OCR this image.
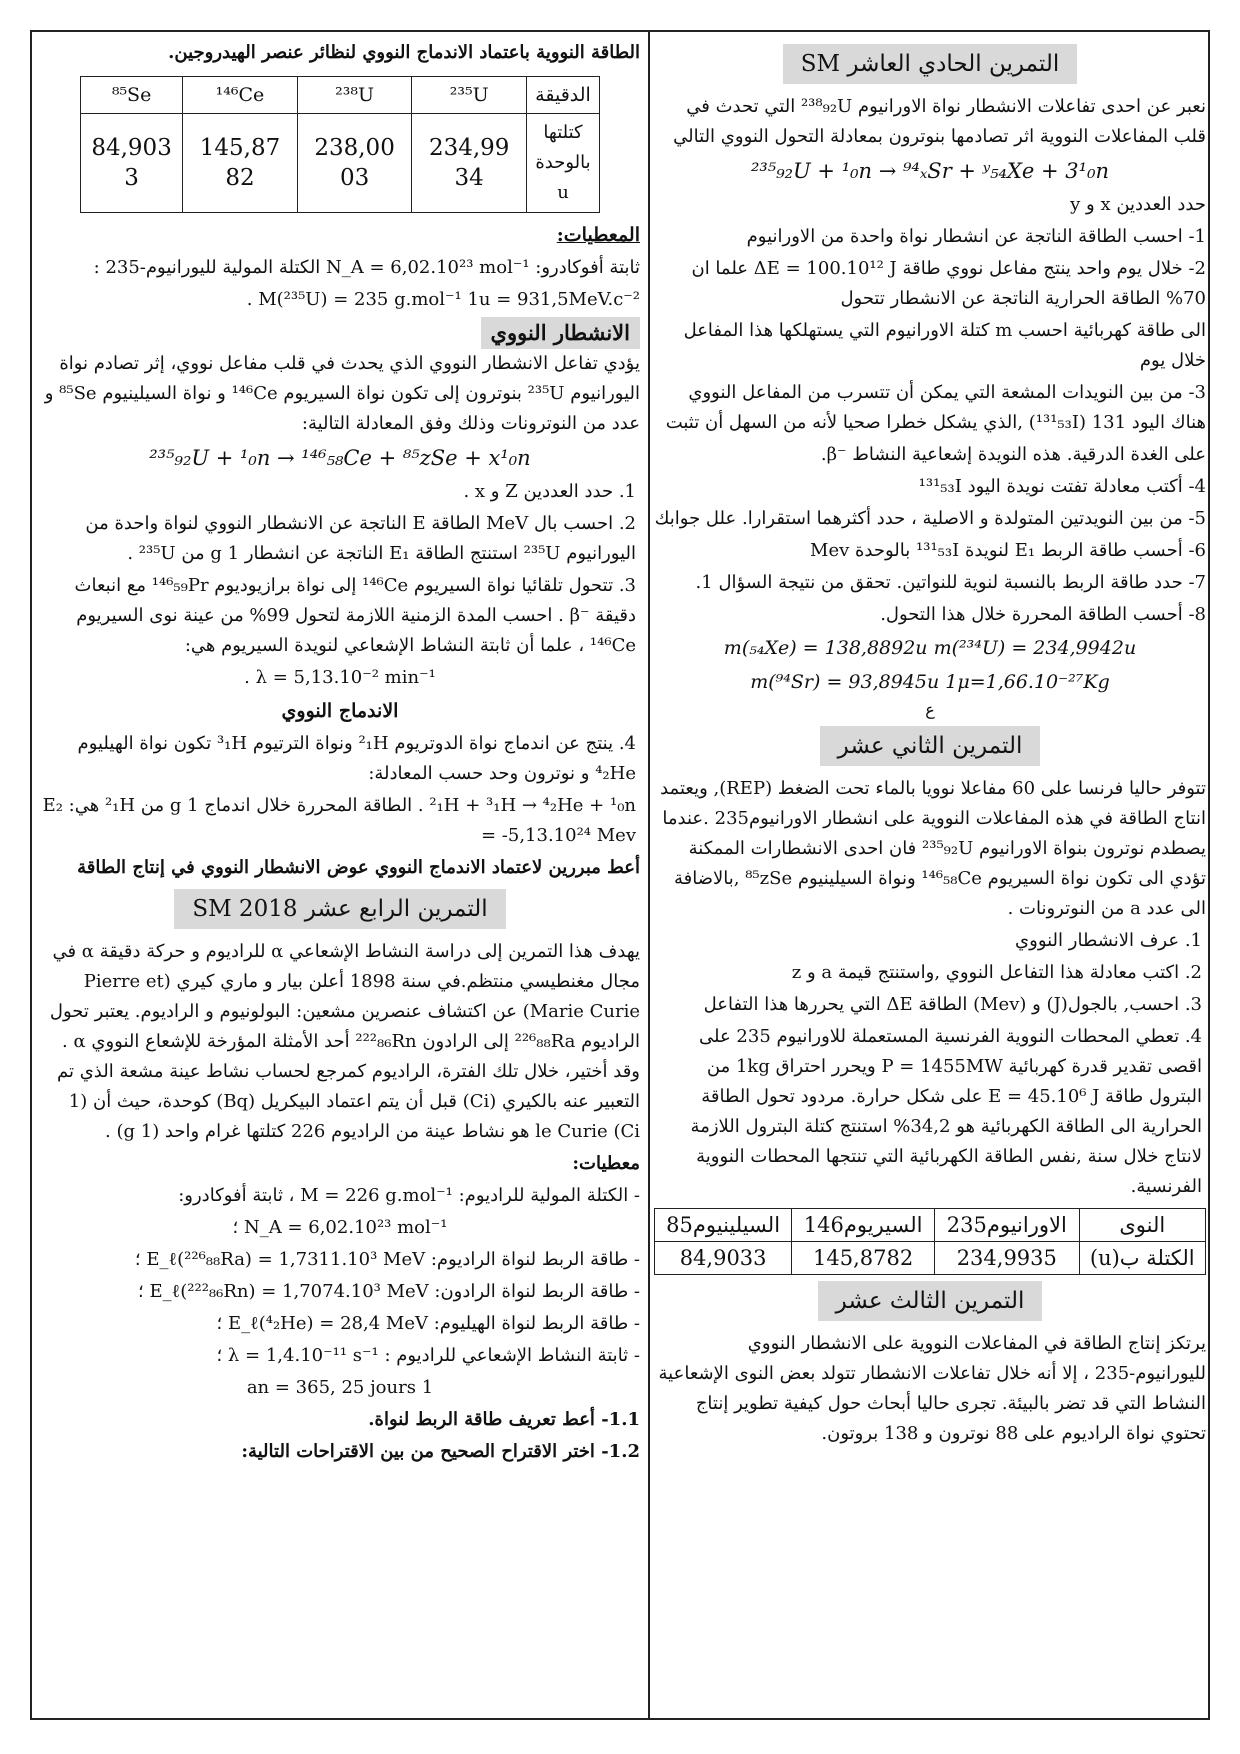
التمرين الحادي العاشر SM

نعبر عن احدى تفاعلات الانشطار نواة الاورانيوم ²³⁸₉₂U التي تحدث في قلب المفاعلات النووية اثر تصادمها بنوترون بمعادلة التحول النووي التالي

²³⁵₉₂U + ¹₀n → ⁹⁴ₓSr + ʸ₅₄Xe + 3¹₀n

حدد العددين x و y

1- احسب الطاقة الناتجة عن انشطار نواة واحدة من الاورانيوم

2- خلال يوم واحد ينتج مفاعل نووي طاقة ΔE = 100.10¹² J علما ان 70% الطاقة الحرارية الناتجة عن الانشطار تتحول

الى طاقة كهربائية احسب m كتلة الاورانيوم التي يستهلكها هذا المفاعل خلال يوم

3- من بين النويدات المشعة التي يمكن أن تتسرب من المفاعل النووي هناك اليود 131 (¹³¹₅₃I) ,الذي يشكل خطرا صحيا لأنه من السهل أن تثبت

على الغدة الدرقية. هذه النويدة إشعاعية النشاط ⁻β.

4- أكتب معادلة تفتت نويدة اليود ¹³¹₅₃I

5- من بين النويدتين المتولدة و الاصلية ، حدد أكثرهما استقرارا. علل جوابك

6- أحسب طاقة الربط E₁ لنويدة ¹³¹₅₃I بالوحدة Mev

7- حدد طاقة الربط بالنسبة لنوية للنواتين. تحقق من نتيجة السؤال 1.

8- أحسب الطاقة المحررة خلال هذا التحول.

m(₅₄Xe) = 138,8892u m(²³⁴U) = 234,9942u

m(⁹⁴Sr) = 93,8945u 1μ=1,66.10⁻²⁷Kg

ع

التمرين الثاني عشر

تتوفر حاليا فرنسا على 60 مفاعلا نوويا بالماء تحت الضغط (REP), ويعتمد انتاج الطاقة في هذه المفاعلات النووية على انشطار الاورانيوم235 .عندما يصطدم نوترون بنواة الاورانيوم ²³⁵₉₂U فان احدى الانشطارات الممكنة تؤدي الى تكون نواة السيريوم ¹⁴⁶₅₈Ce ونواة السيلينيوم ⁸⁵zSe ,بالاضافة الى عدد a من النوترونات .

1. عرف الانشطار النووي

2. اكتب معادلة هذا التفاعل النووي ,واستنتج قيمة a و z

3. احسب, بالجول(J) و (Mev) الطاقة ΔE التي يحررها هذا التفاعل

4. تعطي المحطات النووية الفرنسية المستعملة للاورانيوم 235 على اقصى تقدير قدرة كهربائية P = 1455MW ويحرر احتراق 1kg من البترول طاقة E = 45.10⁶ J على شكل حرارة. مردود تحول الطاقة الحرارية الى الطاقة الكهربائية هو 34,2% استنتج كتلة البترول اللازمة لانتاج خلال سنة ,نفس الطاقة الكهربائية التي تنتجها المحطات النووية الفرنسية.

النوى	الاورانيوم235	السيريوم146	السيلينيوم85
الكتلة ب(u)	234,9935	145,8782	84,9033
التمرين الثالث عشر

يرتكز إنتاج الطاقة في المفاعلات النووية على الانشطار النووي لليورانيوم-235 ، إلا أنه خلال تفاعلات الانشطار تتولد بعض النوى الإشعاعية النشاط التي قد تضر بالبيئة. تجرى حاليا أبحاث حول كيفية تطوير إنتاج تحتوي نواة الراديوم على 88 نوترون و 138 بروتون.

الطاقة النووية باعتماد الاندماج النووي لنظائر عنصر الهيدروجين.

الدقيقة	²³⁵U	²³⁸U	¹⁴⁶Ce	⁸⁵Se
كتلتها بالوحدة u	234,99 34	238,00 03	145,87 82	84,903 3

المعطيات:

ثابتة أفوكادرو: N_A = 6,02.10²³ mol⁻¹ الكتلة المولية لليورانيوم-235 :

M(²³⁵U) = 235 g.mol⁻¹ 1u = 931,5MeV.c⁻² .

الانشطار النووي

يؤدي تفاعل الانشطار النووي الذي يحدث في قلب مفاعل نووي، إثر تصادم نواة اليورانيوم ²³⁵U بنوترون إلى تكون نواة السيريوم ¹⁴⁶Ce و نواة السيلينيوم ⁸⁵Se و عدد من النوترونات وذلك وفق المعادلة التالية:

²³⁵₉₂U + ¹₀n → ¹⁴⁶₅₈Ce + ⁸⁵zSe + x¹₀n

1. حدد العددين Z و x .

2. احسب بال MeV الطاقة E الناتجة عن الانشطار النووي لنواة واحدة من اليورانيوم ²³⁵U استنتج الطاقة E₁ الناتجة عن انشطار 1 g من ²³⁵U .

3. تتحول تلقائيا نواة السيريوم ¹⁴⁶Ce إلى نواة برازيوديوم ¹⁴⁶₅₉Pr مع انبعاث دقيقة ⁻β . احسب المدة الزمنية اللازمة لتحول 99% من عينة نوى السيريوم ¹⁴⁶Ce ، علما أن ثابتة النشاط الإشعاعي لنويدة السيريوم هي:

λ = 5,13.10⁻² min⁻¹ .

الاندماج النووي

4. ينتج عن اندماج نواة الدوتريوم ²₁H ونواة الترتيوم ³₁H تكون نواة الهيليوم ⁴₂He و نوترون وحد حسب المعادلة:

²₁H + ³₁H → ⁴₂He + ¹₀n . الطاقة المحررة خلال اندماج 1 g من ²₁H هي: E₂ = -5,13.10²⁴ Mev

أعط مبررين لاعتماد الاندماج النووي عوض الانشطار النووي في إنتاج الطاقة

التمرين الرابع عشر SM 2018

يهدف هذا التمرين إلى دراسة النشاط الإشعاعي α للراديوم و حركة دقيقة α في مجال مغنطيسي منتظم.في سنة 1898 أعلن بيار و ماري كيري (Pierre et Marie Curie) عن اكتشاف عنصرين مشعين: البولونيوم و الراديوم. يعتبر تحول الراديوم ²²⁶₈₈Ra إلى الرادون ²²²₈₆Rn أحد الأمثلة المؤرخة للإشعاع النووي α . وقد أختير، خلال تلك الفترة، الراديوم كمرجع لحساب نشاط عينة مشعة الذي تم التعبير عنه بالكيري (Ci) قبل أن يتم اعتماد البيكريل (Bq) كوحدة، حيث أن (1 Ci) le Curie هو نشاط عينة من الراديوم 226 كتلتها غرام واحد (1 g) .

معطيات:

- الكتلة المولية للراديوم: M = 226 g.mol⁻¹ ، ثابتة أفوكادرو:

N_A = 6,02.10²³ mol⁻¹ ؛

- طاقة الربط لنواة الراديوم: E_ℓ(²²⁶₈₈Ra) = 1,7311.10³ MeV ؛

- طاقة الربط لنواة الرادون: E_ℓ(²²²₈₆Rn) = 1,7074.10³ MeV ؛

- طاقة الربط لنواة الهيليوم: E_ℓ(⁴₂He) = 28,4 MeV ؛

- ثابتة النشاط الإشعاعي للراديوم : λ = 1,4.10⁻¹¹ s⁻¹ ؛

1 an = 365, 25 jours

1.1- أعط تعريف طاقة الربط لنواة.

1.2- اختر الاقتراح الصحيح من بين الاقتراحات التالية:
